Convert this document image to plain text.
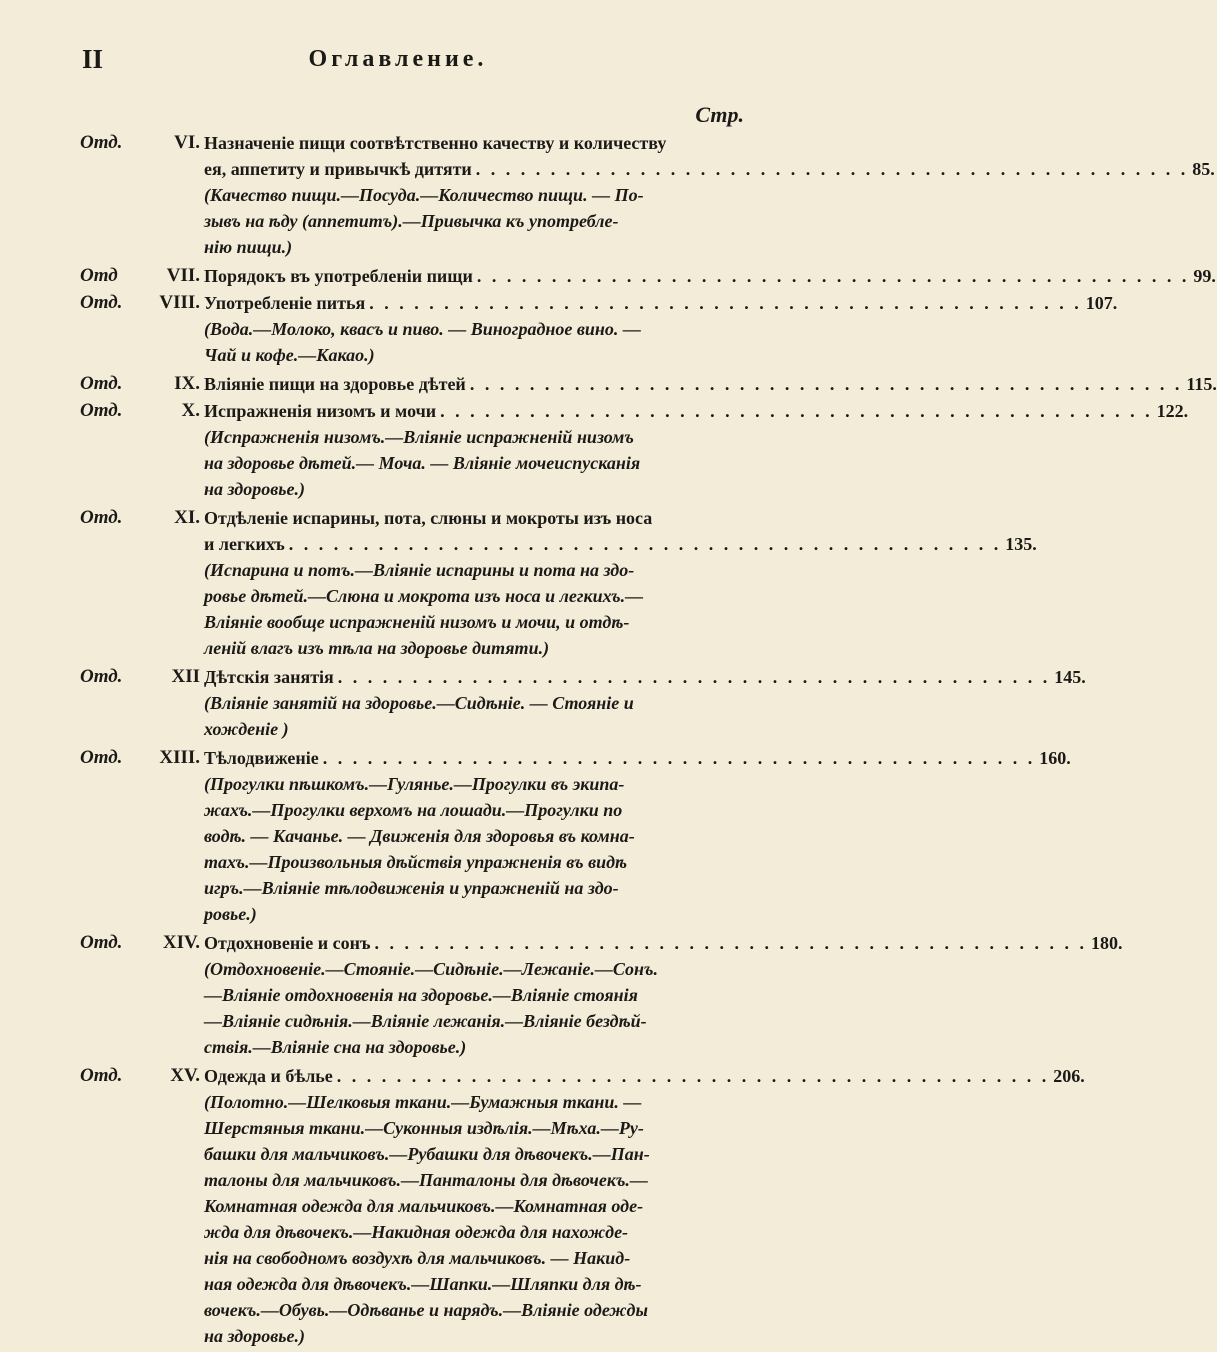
II	Оглавление.
Стр.
Отд.	VI. Назначеніе пищи соотвѣтственно качеству и количеству
ея, аппетиту и привычкѣ дитяти . . . . . . . . . . . . . . . . . . . . . . . . . . . . . . . . . . . . . . . . . . . . . . . . 85.
(Качество пищи.—Посуда.—Количество пищи. — По-
зывъ на ѣду (аппетитъ).—Привычка къ употребле-
нію пищи.)
Отд	VII. Порядокъ въ употребленіи пищи . . . . . . . . . . . . . . . . . . . . . . . . . . . . . . . . . . . . . . . . . . . . . . . . 99.
Отд.	VIII. Употребленіе питья . . . . . . . . . . . . . . . . . . . . . . . . . . . . . . . . . . . . . . . . . . . . . . . . 107.
(Вода.—Молоко, квасъ и пиво. — Виноградное вино. —
Чай и кофе.—Какао.)
Отд.	IX. Вліяніе пищи на здоровье дѣтей . . . . . . . . . . . . . . . . . . . . . . . . . . . . . . . . . . . . . . . . . . . . . . . . 115.
Отд.	X. Испражненія низомъ и мочи . . . . . . . . . . . . . . . . . . . . . . . . . . . . . . . . . . . . . . . . . . . . . . . . 122.
(Испражненія низомъ.—Вліяніе испражненій низомъ
на здоровье дѣтей.— Моча. — Вліяніе мочеиспусканія
на здоровье.)
Отд.	XI. Отдѣленіе испарины, пота, слюны и мокроты изъ носа
и легкихъ . . . . . . . . . . . . . . . . . . . . . . . . . . . . . . . . . . . . . . . . . . . . . . . . 135.
(Испарина и потъ.—Вліяніе испарины и пота на здо-
ровье дѣтей.—Слюна и мокрота изъ носа и легкихъ.—
Вліяніе вообще испражненій низомъ и мочи, и отдѣ-
леній влагъ изъ тѣла на здоровье дитяти.)
Отд.	XII Дѣтскія занятія . . . . . . . . . . . . . . . . . . . . . . . . . . . . . . . . . . . . . . . . . . . . . . . . 145.
(Вліяніе занятій на здоровье.—Сидѣніе. — Стояніе и
хожденіе )
Отд.	XIII. Тѣлодвиженіе . . . . . . . . . . . . . . . . . . . . . . . . . . . . . . . . . . . . . . . . . . . . . . . . 160.
(Прогулки пѣшкомъ.—Гулянье.—Прогулки въ экипа-
жахъ.—Прогулки верхомъ на лошади.—Прогулки по
водѣ. — Качанье. — Движенія для здоровья въ комна-
тахъ.—Произвольныя дѣйствія упражненія въ видѣ
игръ.—Вліяніе тѣлодвиженія и упражненій на здо-
ровье.)
Отд.	XIV. Отдохновеніе и сонъ . . . . . . . . . . . . . . . . . . . . . . . . . . . . . . . . . . . . . . . . . . . . . . . . 180.
(Отдохновеніе.—Стояніе.—Сидѣніе.—Лежаніе.—Сонъ.
—Вліяніе отдохновенія на здоровье.—Вліяніе стоянія
—Вліяніе сидѣнія.—Вліяніе лежанія.—Вліяніе бездѣй-
ствія.—Вліяніе сна на здоровье.)
Отд.	XV. Одежда и бѣлье . . . . . . . . . . . . . . . . . . . . . . . . . . . . . . . . . . . . . . . . . . . . . . . . 206.
(Полотно.—Шелковыя ткани.—Бумажныя ткани. —
Шерстяныя ткани.—Суконныя издѣлія.—Мѣха.—Ру-
башки для мальчиковъ.—Рубашки для дѣвочекъ.—Пан-
талоны для мальчиковъ.—Панталоны для дѣвочекъ.—
Комнатная одежда для мальчиковъ.—Комнатная оде-
жда для дѣвочекъ.—Накидная одежда для нахожде-
нія на свободномъ воздухѣ для мальчиковъ. — Накид-
ная одежда для дѣвочекъ.—Шапки.—Шляпки для дѣ-
вочекъ.—Обувь.—Одѣванье и нарядъ.—Вліяніе одежды
на здоровье.)
